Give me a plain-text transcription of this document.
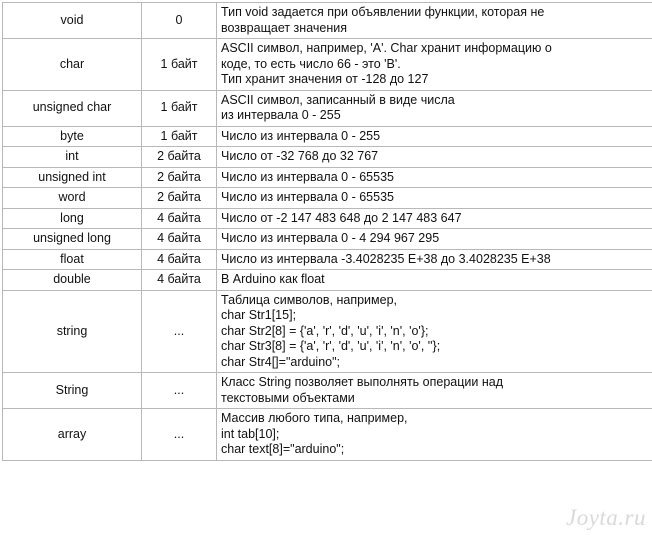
void	0	Тип void задается при объявлении функции, которая не
возвращает значения

char	1 байт	ASCII символ, например, 'A'. Char хранит информацию о
коде, то есть число 66 - это 'B'.
Тип хранит значения от -128 до 127

unsigned char	1 байт	ASCII символ, записанный в виде числа
из интервала 0 - 255

byte	1 байт	Число из интервала 0 - 255

int	2 байта	Число от -32 768 до 32 767

unsigned int	2 байта	Число из интервала 0 - 65535

word	2 байта	Число из интервала 0 - 65535

long	4 байта	Число от -2 147 483 648 до 2 147 483 647

unsigned long	4 байта	Число из интервала 0 - 4 294 967 295

float	4 байта	Число из интервала -3.4028235 Е+38 до 3.4028235 Е+38

double	4 байта	В Arduino как float

string	...	Таблица символов, например,
char Str1[15];
char Str2[8] = {'a', 'r', 'd', 'u', 'i', 'n', 'o'};
char Str3[8] = {'a', 'r', 'd', 'u', 'i', 'n', 'o', ''};
char Str4[]="arduino";

String	...	Класс String позволяет выполнять операции над
текстовыми объектами

array	...	Массив любого типа, например,
int tab[10];
char text[8]="arduino";
Joyta.ru
